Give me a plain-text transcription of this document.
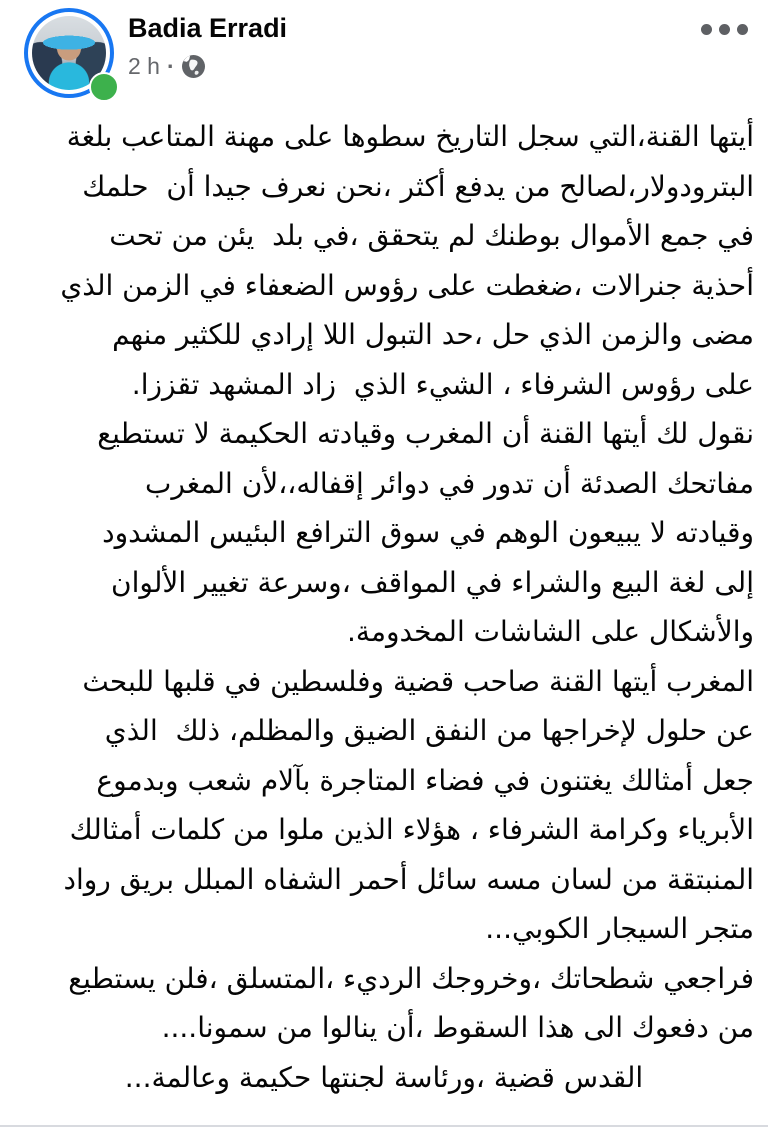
Badia Erradi
2 h ·
أيتها القنة،التي سجل التاريخ سطوها على مهنة المتاعب بلغة
البترودولار،لصالح من يدفع أكثر ،نحن نعرف جيدا أن  حلمك
في جمع الأموال بوطنك لم يتحقق ،في بلد  يئن من تحت
أحذية جنرالات ،ضغطت على رؤوس الضعفاء في الزمن الذي
مضى والزمن الذي حل ،حد التبول اللا إرادي للكثير منهم
على رؤوس الشرفاء ، الشيء الذي  زاد المشهد تقززا.
نقول لك أيتها القنة أن المغرب وقيادته الحكيمة لا تستطيع
مفاتحك الصدئة أن تدور في دوائر إقفاله،،لأن المغرب
وقيادته لا يبيعون الوهم في سوق الترافع البئيس المشدود
إلى لغة البيع والشراء في المواقف ،وسرعة تغيير الألوان
والأشكال على الشاشات المخدومة.
المغرب أيتها القنة صاحب قضية وفلسطين في قلبها للبحث
عن حلول لإخراجها من النفق الضيق والمظلم، ذلك  الذي
جعل أمثالك يغتنون في فضاء المتاجرة بآلام شعب وبدموع
الأبرياء وكرامة الشرفاء ، هؤلاء الذين ملوا من كلمات أمثالك
المنبتقة من لسان مسه سائل أحمر الشفاه المبلل بريق رواد
متجر السيجار الكوبي...
فراجعي شطحاتك ،وخروجك الرديء ،المتسلق ،فلن يستطيع
من دفعوك الى هذا السقوط ،أن ينالوا من سمونا....
القدس قضية ،ورئاسة لجنتها حكيمة وعالمة...
